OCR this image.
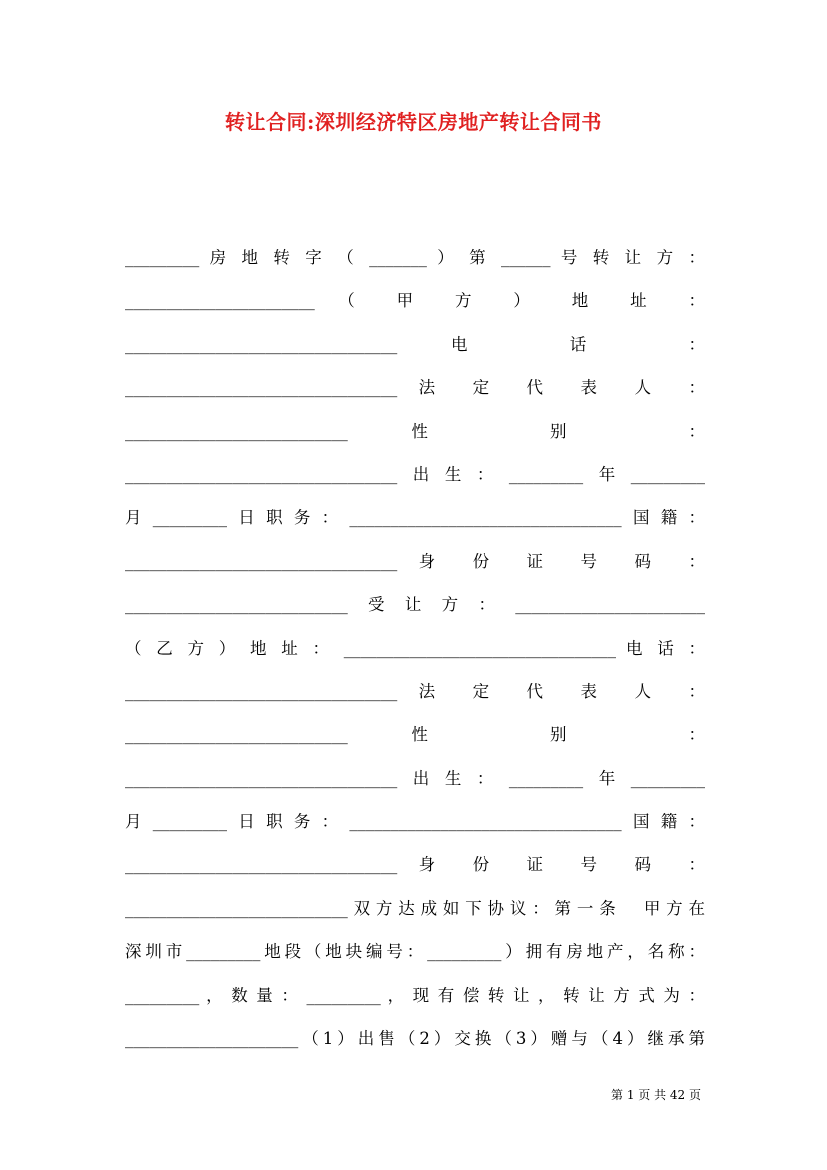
转让合同:深圳经济特区房地产转让合同书
_________ 房 地 转 字 （ _______ ） 第 ______ 号 转 让 方 ：
_______________________ （ 甲 方 ） 地 址 ：
_________________________________ 电 话 ：
_________________________________ 法 定 代 表 人 ：
___________________________ 性 别 ：
_________________________________出生：_________年_________
月_________日职务：_________________________________国籍：
_________________________________ 身 份 证 号 码 ：
___________________________受让方：_______________________
（ 乙 方 ） 地 址 ： _________________________________ 电 话 ：
_________________________________ 法 定 代 表 人 ：
___________________________ 性 别 ：
_________________________________出生：_________年_________
月_________日职务：_________________________________国籍：
_________________________________ 身 份 证 号 码 ：
___________________________双方达成如下协议：第一条　甲方在
深圳市_________地段（地块编号：_________）拥有房地产，名称：
_________ ， 数 量 ： _________ ， 现 有 偿 转 让 ， 转 让 方 式 为 ：
_____________________（1）出售（2）交换（3）赠与（4）继承第
第 1 页 共 42 页
